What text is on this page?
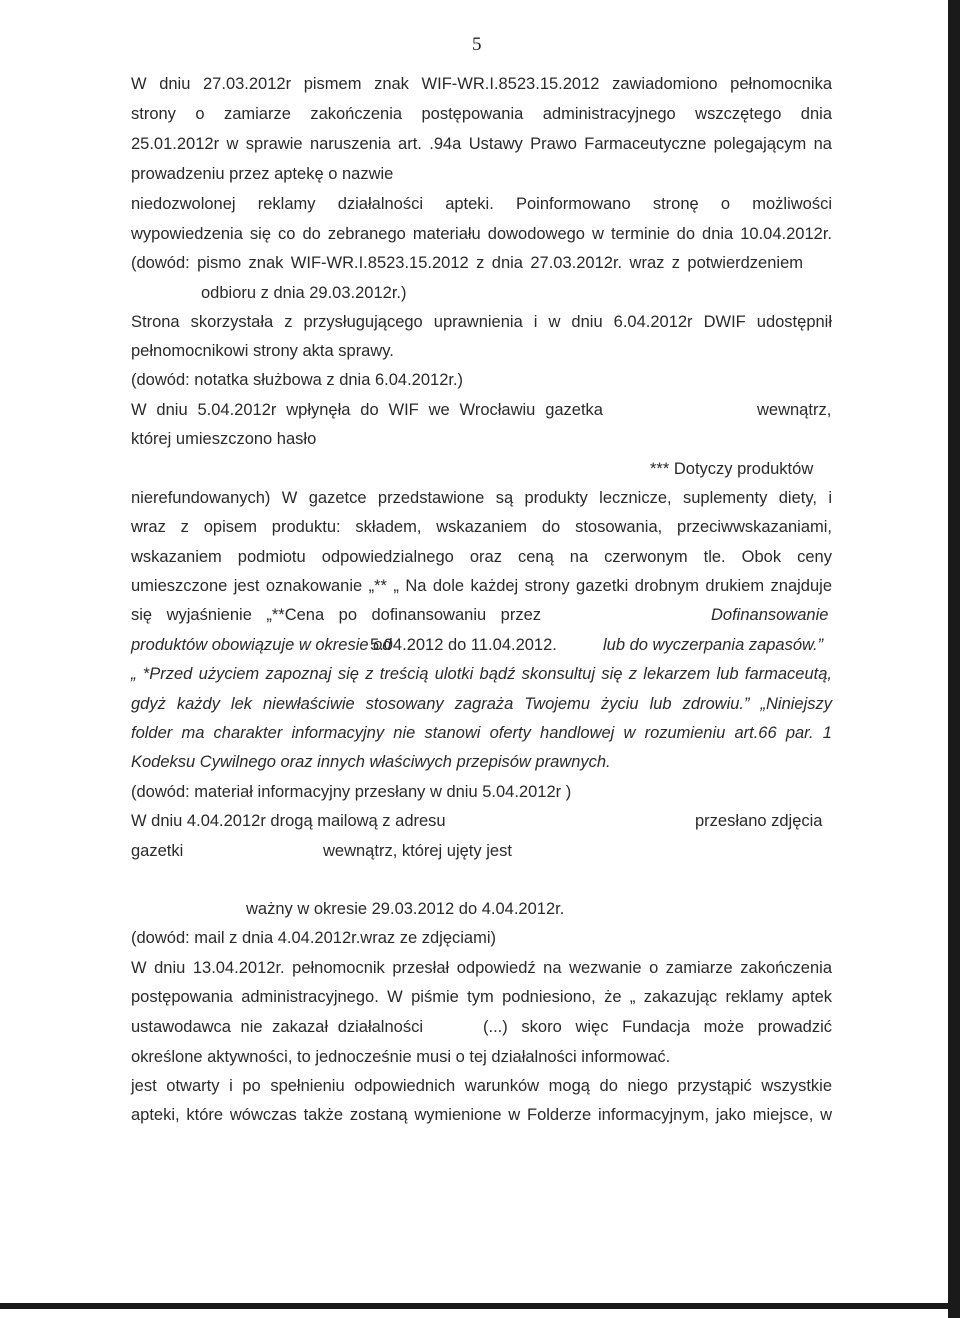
5
W dniu 27.03.2012r pismem znak WIF-WR.I.8523.15.2012 zawiadomiono pełnomocnika
strony o zamiarze zakończenia postępowania administracyjnego wszczętego dnia
25.01.2012r w sprawie naruszenia art. .94a Ustawy Prawo Farmaceutyczne polegającym na
prowadzeniu przez aptekę o nazwie
niedozwolonej reklamy działalności apteki. Poinformowano stronę o możliwości
wypowiedzenia się co do zebranego materiału dowodowego w terminie do dnia 10.04.2012r.
(dowód: pismo znak WIF-WR.I.8523.15.2012 z dnia 27.03.2012r. wraz z potwierdzeniem
odbioru z dnia 29.03.2012r.)
Strona skorzystała z przysługującego uprawnienia i w dniu 6.04.2012r DWIF udostępnił
pełnomocnikowi strony akta sprawy.
(dowód: notatka służbowa z dnia 6.04.2012r.)
W dniu 5.04.2012r wpłynęła do WIF we Wrocławiu gazetka	wewnątrz,
której umieszczono hasło
*** Dotyczy produktów
nierefundowanych) W gazetce przedstawione są produkty lecznicze, suplementy diety, i
wraz z opisem produktu: składem, wskazaniem do stosowania, przeciwwskazaniami,
wskazaniem podmiotu odpowiedzialnego oraz ceną na czerwonym tle. Obok ceny
umieszczone jest oznakowanie „** „ Na dole każdej strony gazetki drobnym drukiem znajduje
się wyjaśnienie „**Cena po dofinansowaniu przez	Dofinansowanie
produktów obowiązuje w okresie od
5.04.2012 do 11.04.2012.	lub do wyczerpania zapasów.”
„ *Przed użyciem zapoznaj się z treścią ulotki bądź skonsultuj się z lekarzem lub farmaceutą,
gdyż każdy lek niewłaściwie stosowany zagraża Twojemu życiu lub zdrowiu.” „Niniejszy
folder ma charakter informacyjny nie stanowi oferty handlowej w rozumieniu art.66 par. 1
Kodeksu Cywilnego oraz innych właściwych przepisów prawnych.
(dowód: materiał informacyjny przesłany w dniu 5.04.2012r )
W dniu 4.04.2012r drogą mailową z adresu	przesłano zdjęcia
gazetki	wewnątrz, której ujęty jest
ważny w okresie 29.03.2012 do 4.04.2012r.
(dowód: mail z dnia 4.04.2012r.wraz ze zdjęciami)
W dniu 13.04.2012r. pełnomocnik przesłał odpowiedź na wezwanie o zamiarze zakończenia
postępowania administracyjnego. W piśmie tym podniesiono, że „ zakazując reklamy aptek
ustawodawca nie zakazał działalności	(...) skoro więc Fundacja może prowadzić
określone aktywności, to jednocześnie musi o tej działalności informować.
jest otwarty i po spełnieniu odpowiednich warunków mogą do niego przystąpić wszystkie
apteki, które wówczas także zostaną wymienione w Folderze informacyjnym, jako miejsce, w
